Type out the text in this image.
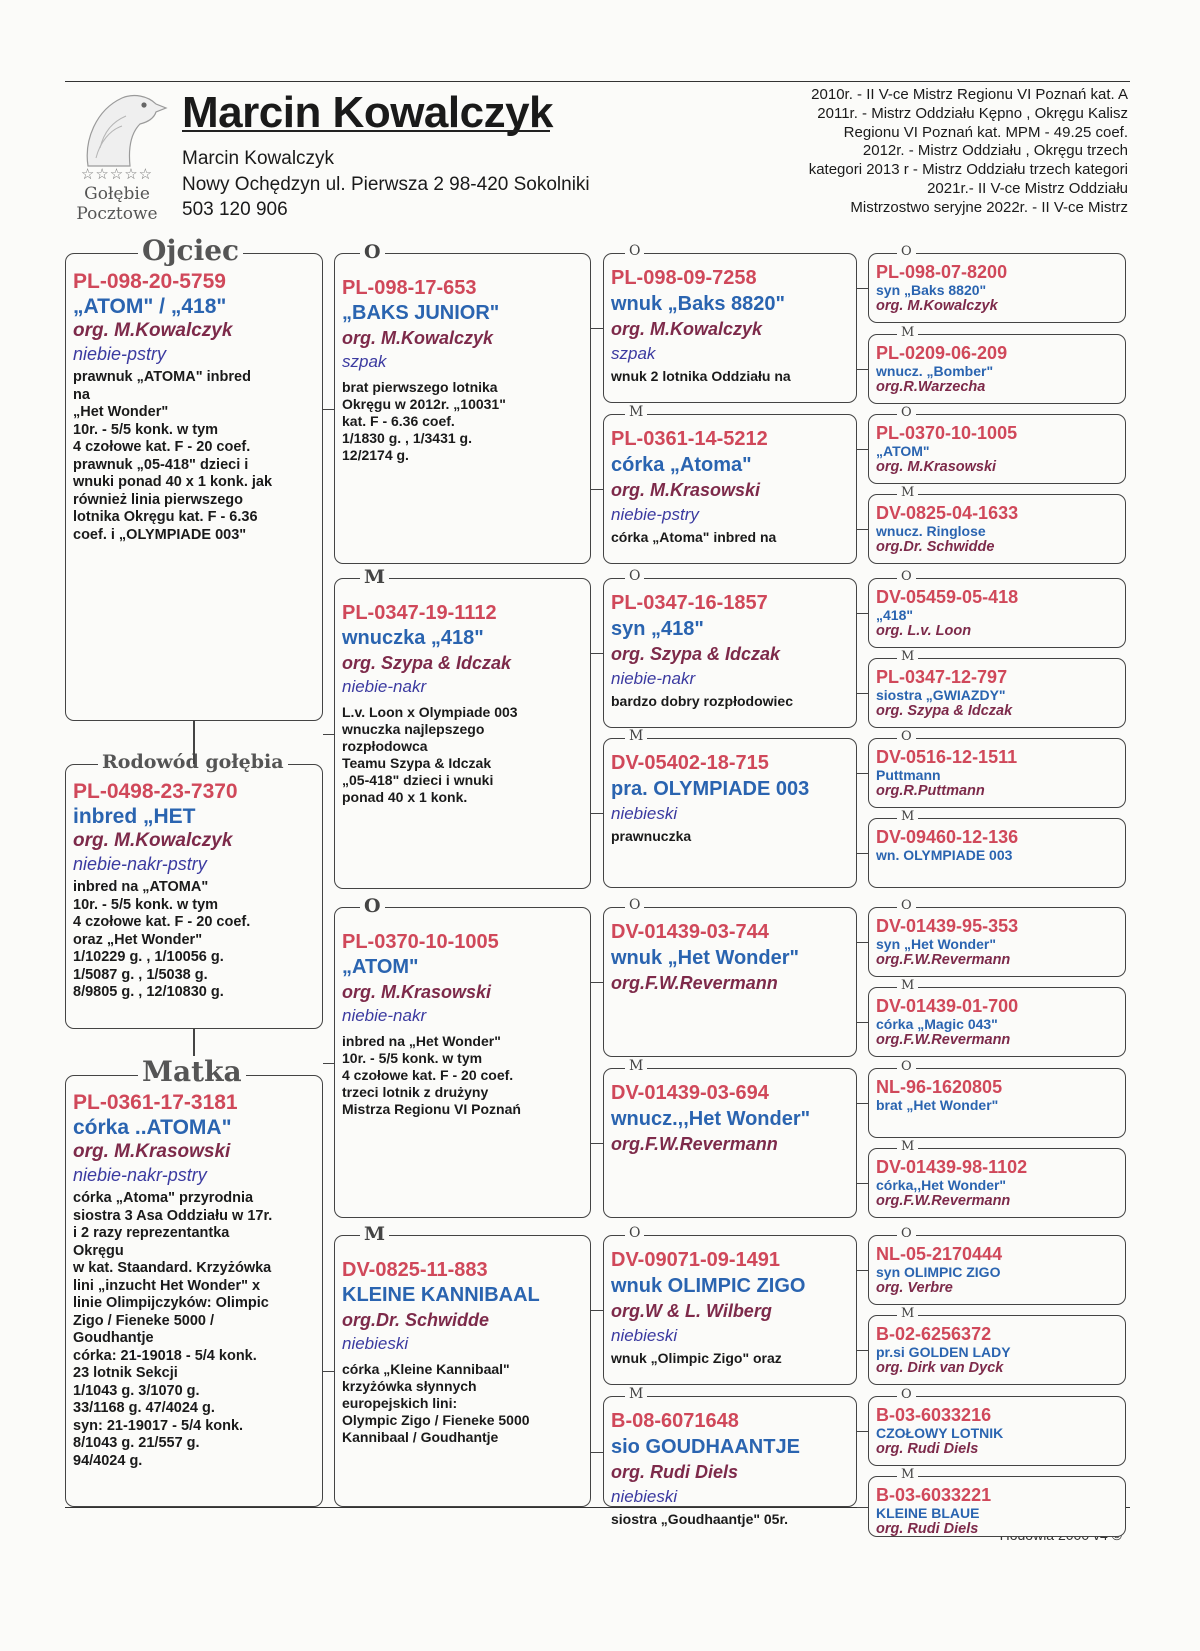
☆☆☆☆☆
Gołębie
Pocztowe
Marcin Kowalczyk
Marcin Kowalczyk
Nowy Ochędzyn ul. Pierwsza 2 98-420 Sokolniki
503 120 906
2010r. - II V-ce Mistrz Regionu VI Poznań kat. A
2011r. - Mistrz Oddziału Kępno , Okręgu Kalisz
Regionu VI Poznań kat. MPM - 49.25 coef.
2012r. - Mistrz Oddziału , Okręgu trzech
kategori 2013 r - Mistrz Oddziału trzech kategori
2021r.- II V-ce Mistrz Oddziału
Mistrzostwo seryjne 2022r. - II V-ce Mistrz
PL-098-20-5759
„ATOM" / „418"
org. M.Kowalczyk
niebie-pstry
prawnuk „ATOMA" inbred
na
„Het Wonder"
10r. - 5/5 konk. w tym
4 czołowe kat. F - 20 coef.
prawnuk „05-418" dzieci i
wnuki ponad 40 x 1 konk. jak
również linia pierwszego
lotnika Okręgu kat. F - 6.36
coef. i „OLYMPIADE 003"
Ojciec
PL-0498-23-7370
inbred „HET
org. M.Kowalczyk
niebie-nakr-pstry
inbred na „ATOMA"
10r. - 5/5 konk. w tym
4 czołowe kat. F - 20 coef.
oraz „Het Wonder"
1/10229 g. , 1/10056 g.
1/5087 g. , 1/5038 g.
8/9805 g. , 12/10830 g.
Rodowód gołębia
PL-0361-17-3181
córka ..ATOMA"
org. M.Krasowski
niebie-nakr-pstry
córka „Atoma" przyrodnia
siostra 3 Asa Oddziału w 17r.
i 2 razy reprezentantka
Okręgu
w kat. Staandard. Krzyżówka
lini „inzucht Het Wonder" x
linie Olimpijczyków: Olimpic
Zigo / Fieneke 5000 /
Goudhantje
córka: 21-19018 - 5/4 konk.
23 lotnik Sekcji
1/1043 g. 3/1070 g.
33/1168 g. 47/4024 g.
syn: 21-19017 - 5/4 konk.
8/1043 g. 21/557 g.
94/4024 g.
Matka
PL-098-17-653
„BAKS JUNIOR"
org. M.Kowalczyk
szpak
brat pierwszego lotnika
Okręgu w 2012r. „10031"
kat. F - 6.36 coef.
1/1830 g. , 1/3431 g.
12/2174 g.
O
PL-0347-19-1112
wnuczka „418"
org. Szypa & Idczak
niebie-nakr
L.v. Loon x Olympiade 003
wnuczka najlepszego
rozpłodowca
Teamu Szypa & Idczak
„05-418" dzieci i wnuki
ponad 40 x 1 konk.
M
PL-0370-10-1005
„ATOM"
org. M.Krasowski
niebie-nakr
inbred na „Het Wonder"
10r. - 5/5 konk. w tym
4 czołowe kat. F - 20 coef.
trzeci lotnik z drużyny
Mistrza Regionu VI Poznań
O
DV-0825-11-883
KLEINE KANNIBAAL
org.Dr. Schwidde
niebieski
córka „Kleine Kannibaal"
krzyżówka słynnych
europejskich lini:
Olympic Zigo / Fieneke 5000
Kannibaal / Goudhantje
M
PL-098-09-7258
wnuk „Baks 8820"
org. M.Kowalczyk
szpak
wnuk 2 lotnika Oddziału na
O
PL-0361-14-5212
córka „Atoma"
org. M.Krasowski
niebie-pstry
córka „Atoma" inbred na
M
PL-0347-16-1857
syn „418"
org. Szypa & Idczak
niebie-nakr
bardzo dobry rozpłodowiec
O
DV-05402-18-715
pra. OLYMPIADE 003
niebieski
prawnuczka
M
DV-01439-03-744
wnuk „Het Wonder"
org.F.W.Revermann
O
DV-01439-03-694
wnucz.,,Het Wonder"
org.F.W.Revermann
M
DV-09071-09-1491
wnuk OLIMPIC ZIGO
org.W & L. Wilberg
niebieski
wnuk „Olimpic Zigo" oraz
O
B-08-6071648
sio GOUDHAANTJE
org. Rudi Diels
niebieski
siostra „Goudhaantje" 05r.
M
PL-098-07-8200
syn „Baks 8820"
org. M.Kowalczyk
O
PL-0209-06-209
wnucz. „Bomber"
org.R.Warzecha
M
PL-0370-10-1005
„ATOM"
org. M.Krasowski
O
DV-0825-04-1633
wnucz. Ringlose
org.Dr. Schwidde
M
DV-05459-05-418
„418"
org. L.v. Loon
O
PL-0347-12-797
siostra „GWIAZDY"
org. Szypa & Idczak
M
DV-0516-12-1511
Puttmann
org.R.Puttmann
O
DV-09460-12-136
wn. OLYMPIADE 003
M
DV-01439-95-353
syn „Het Wonder"
org.F.W.Revermann
O
DV-01439-01-700
córka „Magic 043"
org.F.W.Revermann
M
NL-96-1620805
brat „Het Wonder"
O
DV-01439-98-1102
córka,,Het Wonder"
org.F.W.Revermann
M
NL-05-2170444
syn OLIMPIC ZIGO
org. Verbre
O
B-02-6256372
pr.si GOLDEN LADY
org. Dirk van Dyck
M
B-03-6033216
CZOŁOWY LOTNIK
org. Rudi Diels
O
B-03-6033221
KLEINE BLAUE
org. Rudi Diels
M
